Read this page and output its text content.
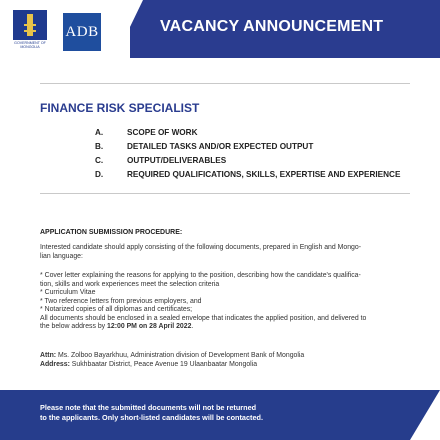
GOVERNMENT OF MONGOLIA
ADB	VACANCY ANNOUNCEMENT
FINANCE RISK SPECIALIST
A.	SCOPE OF WORK
B.	DETAILED TASKS AND/OR EXPECTED OUTPUT
C.	OUTPUT/DELIVERABLES
D.	REQUIRED QUALIFICATIONS, SKILLS, EXPERTISE AND EXPERIENCE
APPLICATION SUBMISSION PROCEDURE:
Interested candidate should apply consisting of the following documents, prepared in English and Mongo-
lian language:
* Cover letter explaining the reasons for applying to the position, describing how the candidate's qualifica-
tion, skills and work experiences meet the selection criteria
* Curriculum Vitae
* Two reference letters from previous employers, and
* Notarized copies of all diplomas and certificates;
All documents should be enclosed in a sealed envelope that indicates the applied position, and delivered to
the below address by 12:00 PM on 28 April 2022.
Attn: Ms. Zolboo Bayarkhuu, Administration division of Development Bank of Mongolia
Address: Sukhbaatar District, Peace Avenue 19 Ulaanbaatar Mongolia
Please note that the submitted documents will not be returned
to the applicants. Only short-listed candidates will be contacted.
